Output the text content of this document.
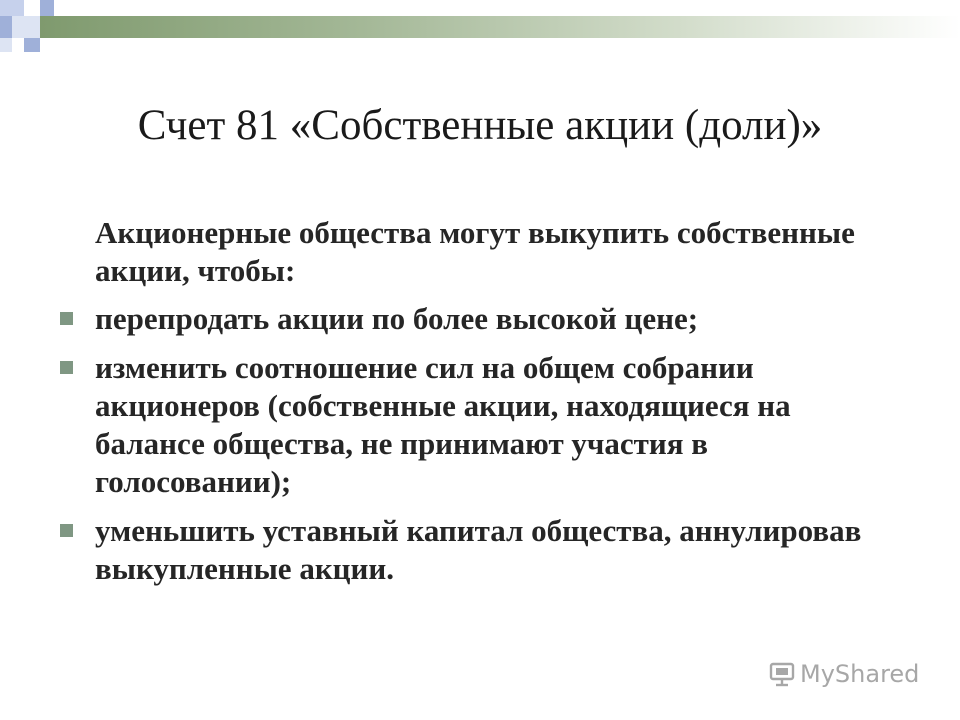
Счет 81 «Собственные акции (доли)»

Акционерные общества могут выкупить собственные акции, чтобы:

перепродать акции по более высокой цене;
изменить соотношение сил на общем собрании акционеров (собственные акции, находящиеся на балансе общества, не принимают участия в голосовании);
уменьшить уставный капитал общества, аннулировав выкупленные акции.
MyShared
